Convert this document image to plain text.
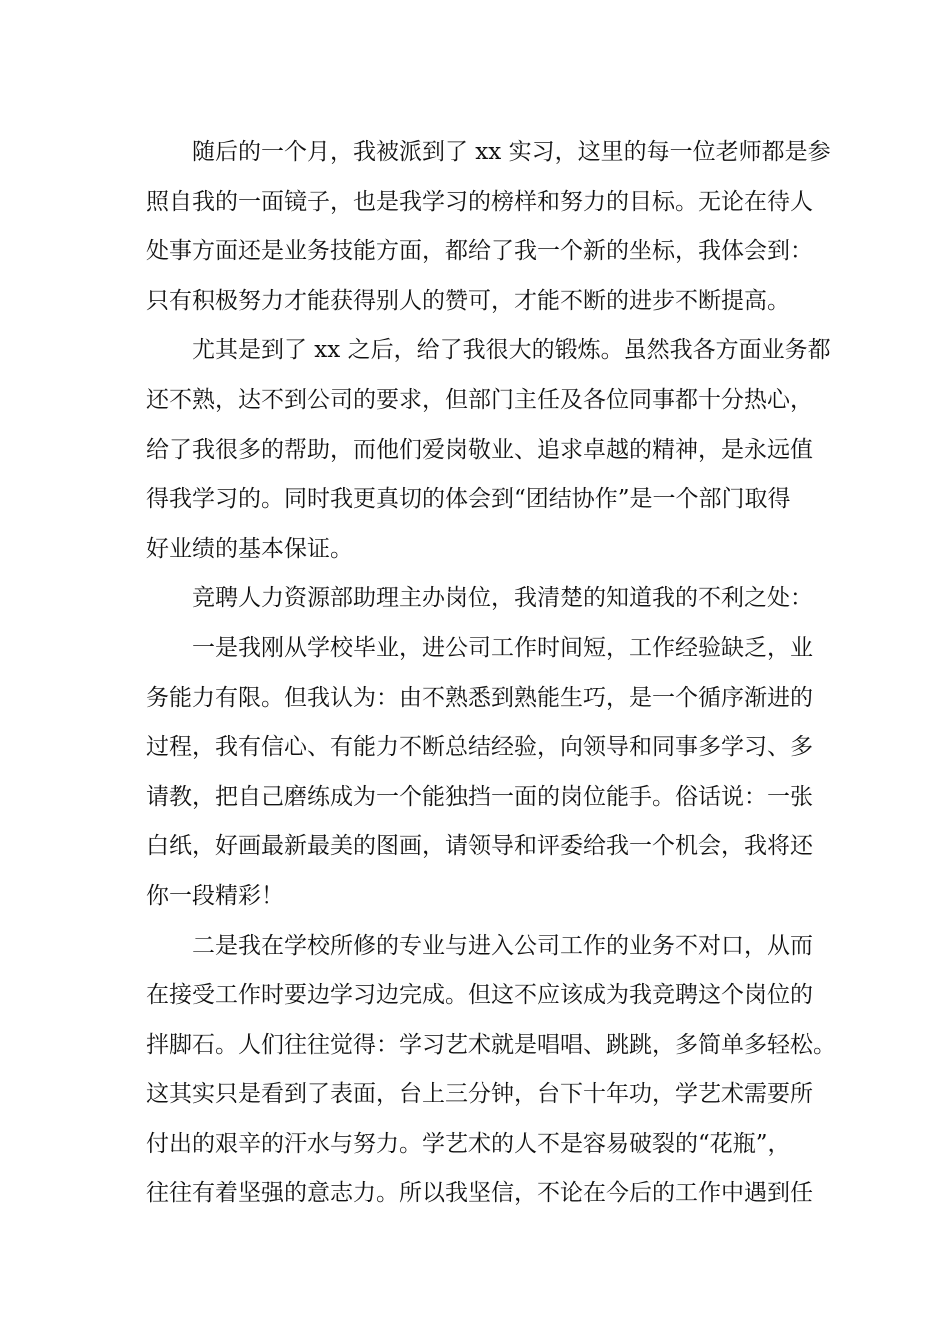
随后的一个月，我被派到了 xx 实习，这里的每一位老师都是参
照自我的一面镜子，也是我学习的榜样和努力的目标。无论在待人
处事方面还是业务技能方面，都给了我一个新的坐标，我体会到：
只有积极努力才能获得别人的赞可，才能不断的进步不断提高。
尤其是到了 xx 之后，给了我很大的锻炼。虽然我各方面业务都
还不熟，达不到公司的要求，但部门主任及各位同事都十分热心，
给了我很多的帮助，而他们爱岗敬业、追求卓越的精神，是永远值
得我学习的。同时我更真切的体会到“团结协作”是一个部门取得
好业绩的基本保证。
竞聘人力资源部助理主办岗位，我清楚的知道我的不利之处：
一是我刚从学校毕业，进公司工作时间短，工作经验缺乏，业
务能力有限。但我认为：由不熟悉到熟能生巧，是一个循序渐进的
过程，我有信心、有能力不断总结经验，向领导和同事多学习、多
请教，把自己磨练成为一个能独挡一面的岗位能手。俗话说：一张
白纸，好画最新最美的图画，请领导和评委给我一个机会，我将还
你一段精彩！
二是我在学校所修的专业与进入公司工作的业务不对口，从而
在接受工作时要边学习边完成。但这不应该成为我竞聘这个岗位的
拌脚石。人们往往觉得：学习艺术就是唱唱、跳跳，多简单多轻松。
这其实只是看到了表面，台上三分钟，台下十年功，学艺术需要所
付出的艰辛的汗水与努力。学艺术的人不是容易破裂的“花瓶”，
往往有着坚强的意志力。所以我坚信，不论在今后的工作中遇到任
